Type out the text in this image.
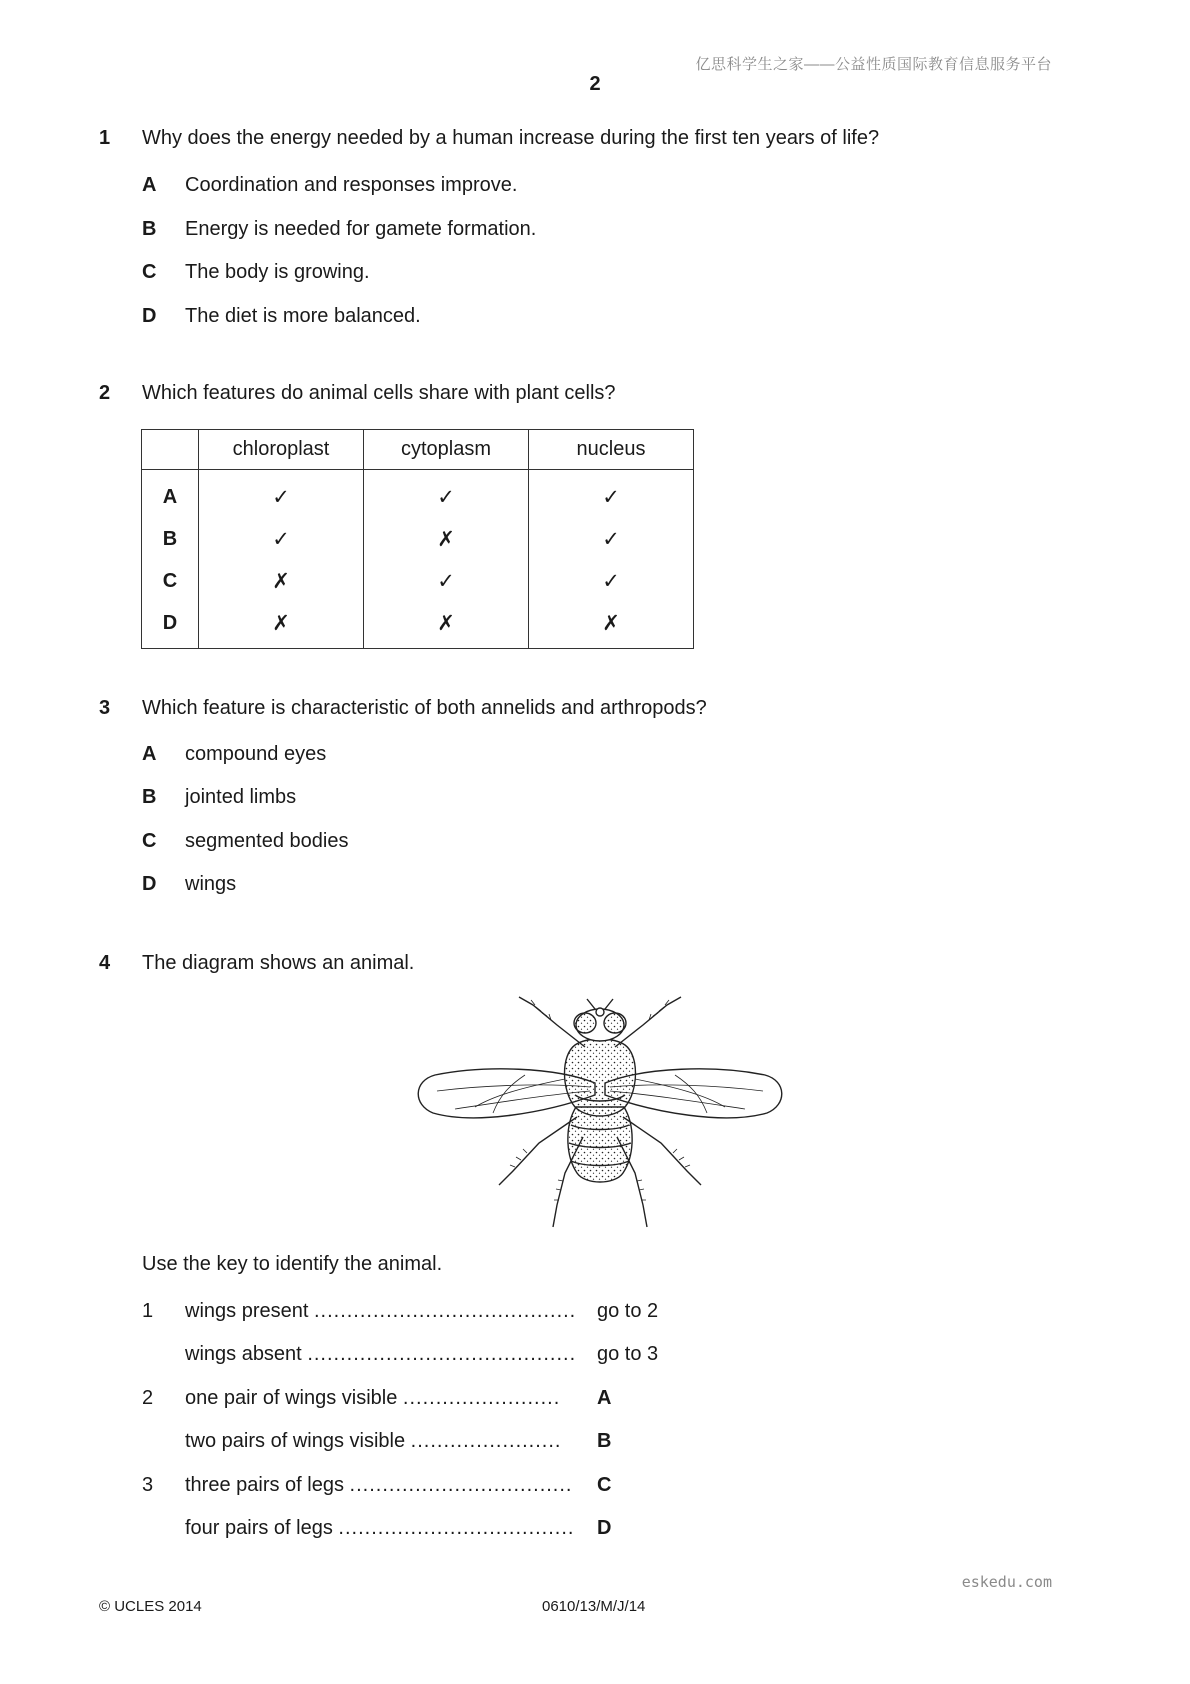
亿思科学生之家——公益性质国际教育信息服务平台
2
1 Why does the energy needed by a human increase during the first ten years of life?
A Coordination and responses improve.
B Energy is needed for gamete formation.
C The body is growing.
D The diet is more balanced.
2 Which features do animal cells share with plant cells?
	chloroplast	cytoplasm	nucleus
A	✓	✓	✓
B	✓	✗	✓
C	✗	✓	✓
D	✗	✗	✗
3 Which feature is characteristic of both annelids and arthropods?
A compound eyes
B jointed limbs
C segmented bodies
D wings
4 The diagram shows an animal.
Use the key to identify the animal.
1 wings present ........................................	go to 2
wings absent .........................................	go to 3
2 one pair of wings visible ........................	A
two pairs of wings visible .......................	B
3 three pairs of legs ..................................	C
four pairs of legs ....................................	D
eskedu.com
© UCLES 2014	0610/13/M/J/14
